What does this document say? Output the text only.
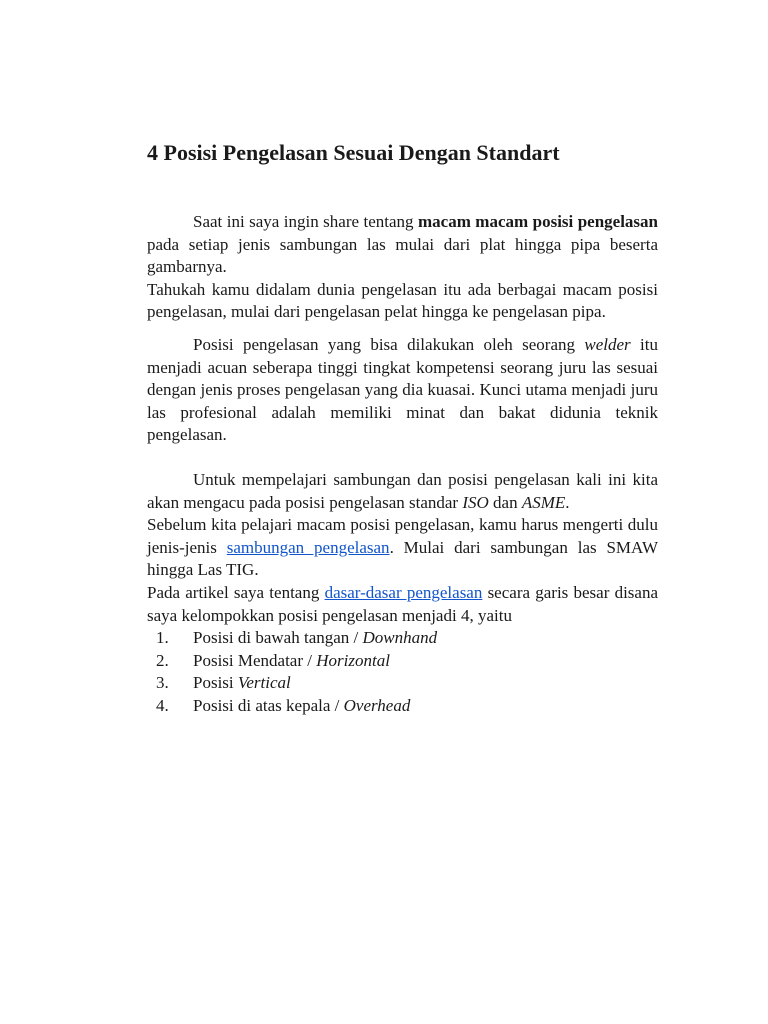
4 Posisi Pengelasan Sesuai Dengan Standart

Saat ini saya ingin share tentang macam macam posisi pengelasan pada setiap jenis sambungan las mulai dari plat hingga pipa beserta gambarnya.

Tahukah kamu didalam dunia pengelasan itu ada berbagai macam posisi pengelasan, mulai dari pengelasan pelat hingga ke pengelasan pipa.

Posisi pengelasan yang bisa dilakukan oleh seorang welder itu menjadi acuan seberapa tinggi tingkat kompetensi seorang juru las sesuai dengan jenis proses pengelasan yang dia kuasai. Kunci utama menjadi juru las profesional adalah memiliki minat dan bakat didunia teknik pengelasan.

Untuk mempelajari sambungan dan posisi pengelasan kali ini kita akan mengacu pada posisi pengelasan standar ISO dan ASME.

Sebelum kita pelajari macam posisi pengelasan, kamu harus mengerti dulu jenis-jenis sambungan pengelasan. Mulai dari sambungan las SMAW hingga Las TIG.

Pada artikel saya tentang dasar-dasar pengelasan secara garis besar disana saya kelompokkan posisi pengelasan menjadi 4, yaitu

1. Posisi di bawah tangan / Downhand
2. Posisi Mendatar / Horizontal
3. Posisi Vertical
4. Posisi di atas kepala / Overhead
